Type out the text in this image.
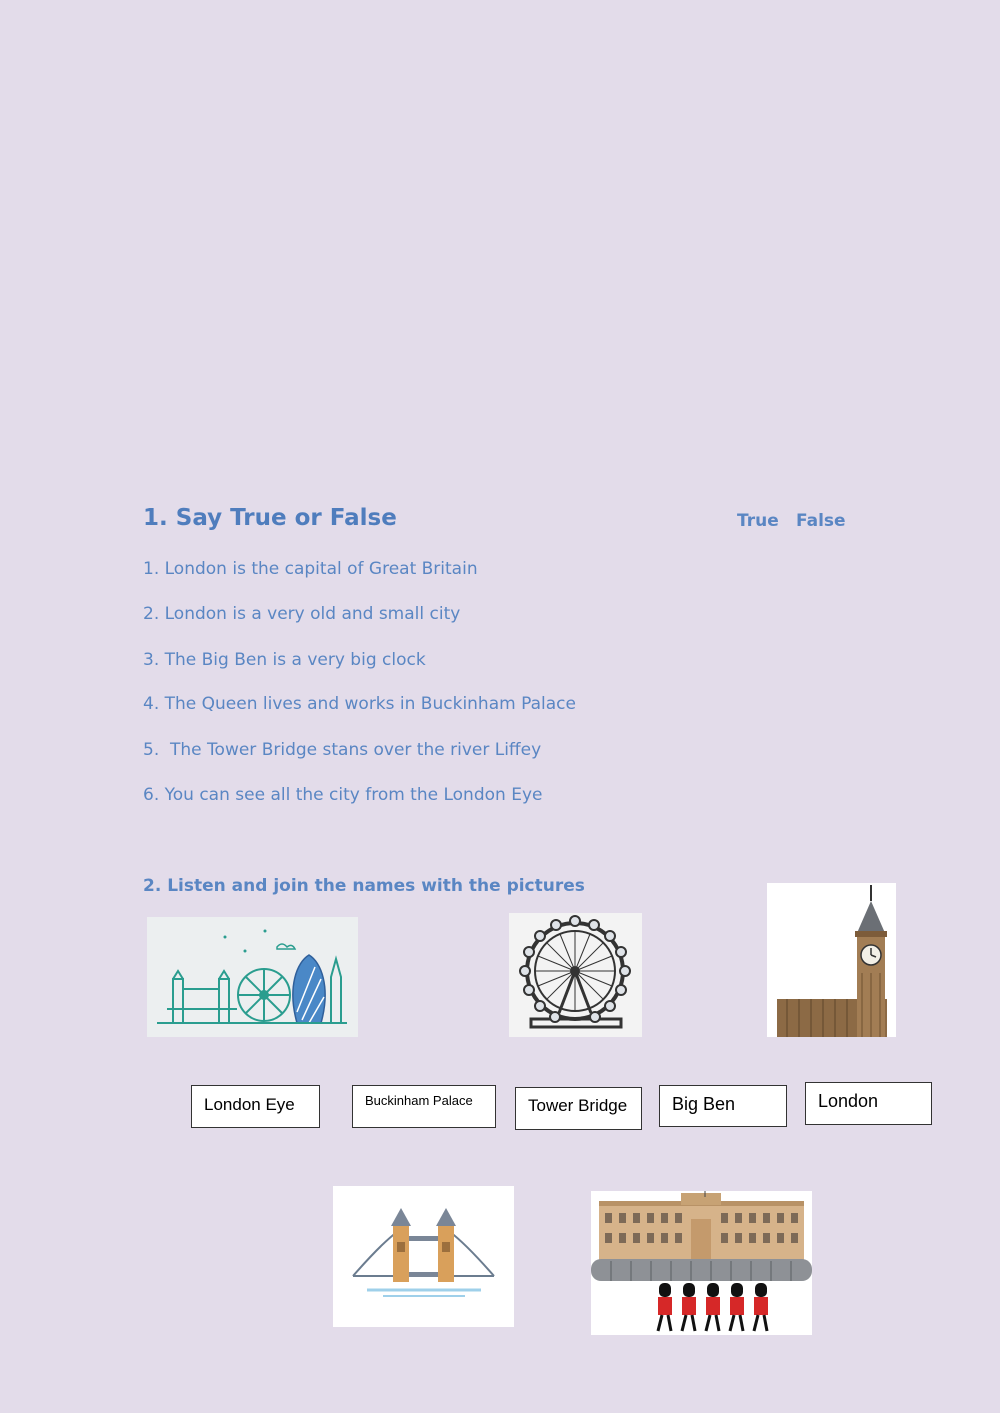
1. Say True or False	True False
1. London is the capital of Great Britain
2. London is a very old and small city
3. The Big Ben is a very big clock
4. The Queen lives and works in Buckinham Palace
5.  The Tower Bridge stans over the river Liffey
6. You can see all the city from the London Eye
2. Listen and join the names with the pictures
London Eye	Buckinham Palace	Tower Bridge	Big Ben	London
